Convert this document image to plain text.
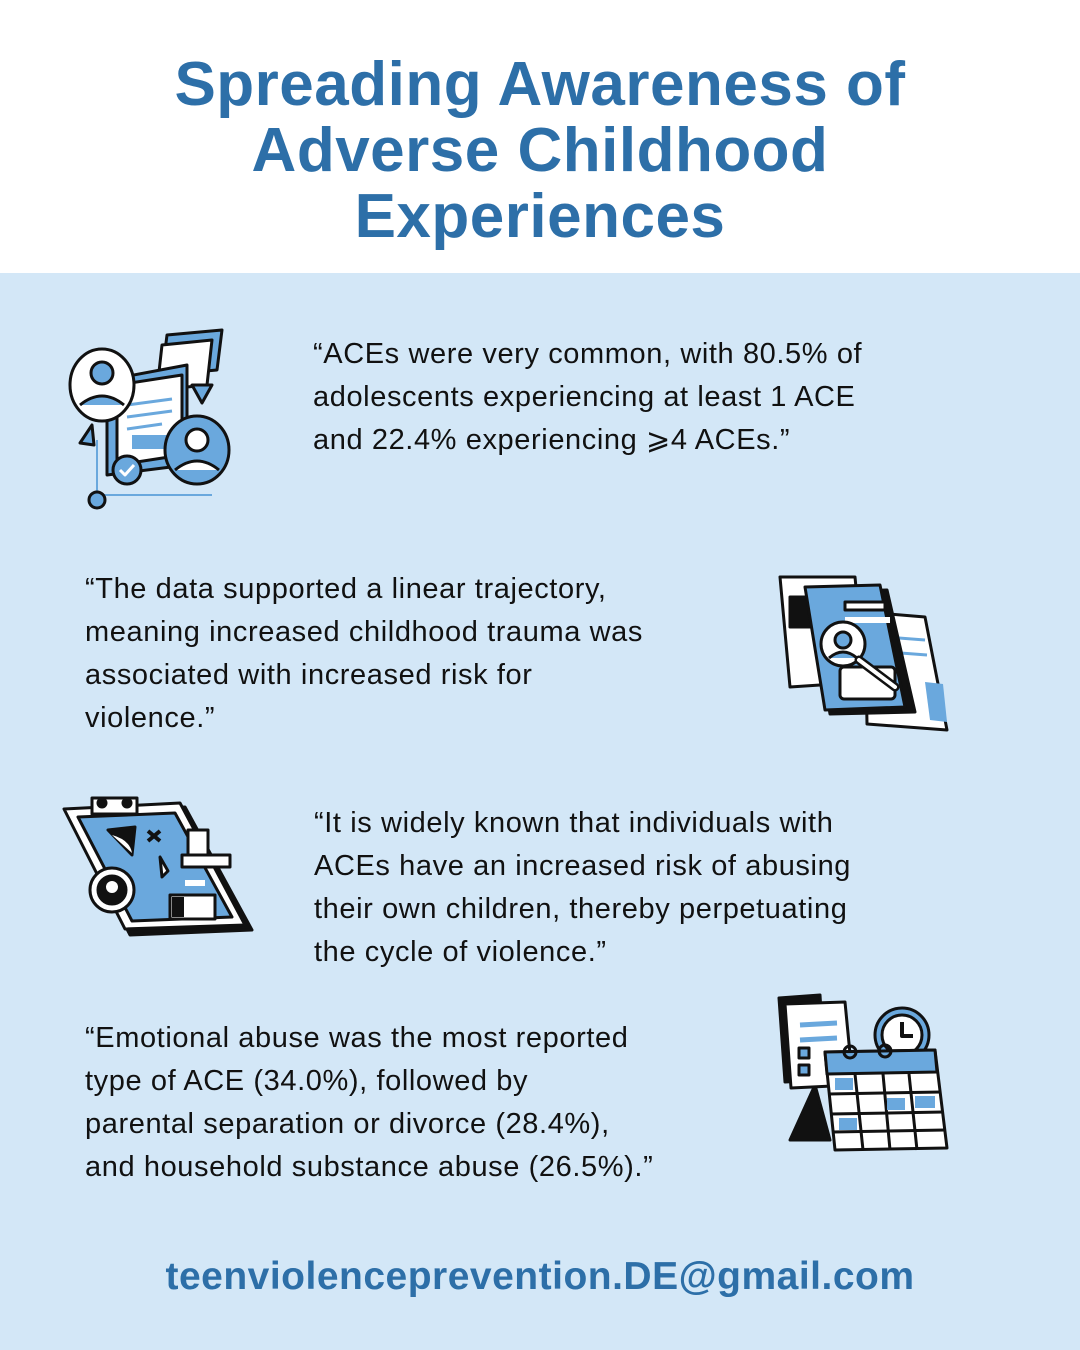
Spreading Awareness of
Adverse Childhood
Experiences
“ACEs were very common, with 80.5% of
adolescents experiencing at least 1 ACE
and 22.4% experiencing ⩾4 ACEs.”
“The data supported a linear trajectory,
meaning increased childhood trauma was
associated with increased risk for
violence.”
“It is widely known that individuals with
ACEs have an increased risk of abusing
their own children, thereby perpetuating
the cycle of violence.”
“Emotional abuse was the most reported
type of ACE (34.0%), followed by
parental separation or divorce (28.4%),
and household substance abuse (26.5%).”
teenviolenceprevention.DE@gmail.com
